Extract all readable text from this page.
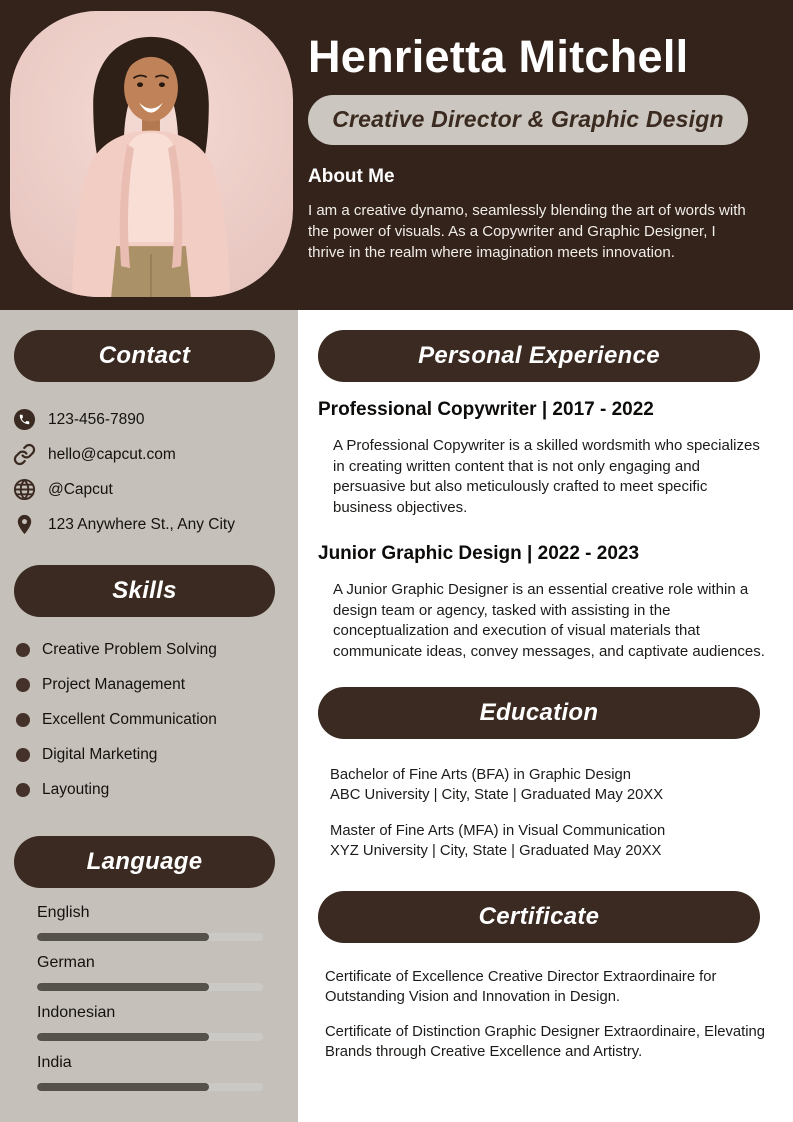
Henrietta Mitchell
Creative Director & Graphic Design
About Me
I am a creative dynamo, seamlessly blending the art of words with the power of visuals. As a Copywriter and Graphic Designer, I thrive in the realm where imagination meets innovation.
Contact
123-456-7890
hello@capcut.com
@Capcut
123 Anywhere St., Any City
Skills
Creative Problem Solving
Project Management
Excellent Communication
Digital Marketing
Layouting
Language
English
German
Indonesian
India
Personal Experience
Professional Copywriter | 2017 - 2022
A Professional Copywriter is a skilled wordsmith who specializes in creating written content that is not only engaging and persuasive but also meticulously crafted to meet specific business objectives.
Junior Graphic Design | 2022 - 2023
A Junior Graphic Designer is an essential creative role within a design team or agency, tasked with assisting in the conceptualization and execution of visual materials that communicate ideas, convey messages, and captivate audiences.
Education
Bachelor of Fine Arts (BFA) in Graphic Design
ABC University | City, State | Graduated May 20XX
Master of Fine Arts (MFA) in Visual Communication
XYZ University | City, State | Graduated May 20XX
Certificate
Certificate of Excellence Creative Director Extraordinaire for Outstanding Vision and Innovation in Design.
Certificate of Distinction Graphic Designer Extraordinaire, Elevating Brands through Creative Excellence and Artistry.
